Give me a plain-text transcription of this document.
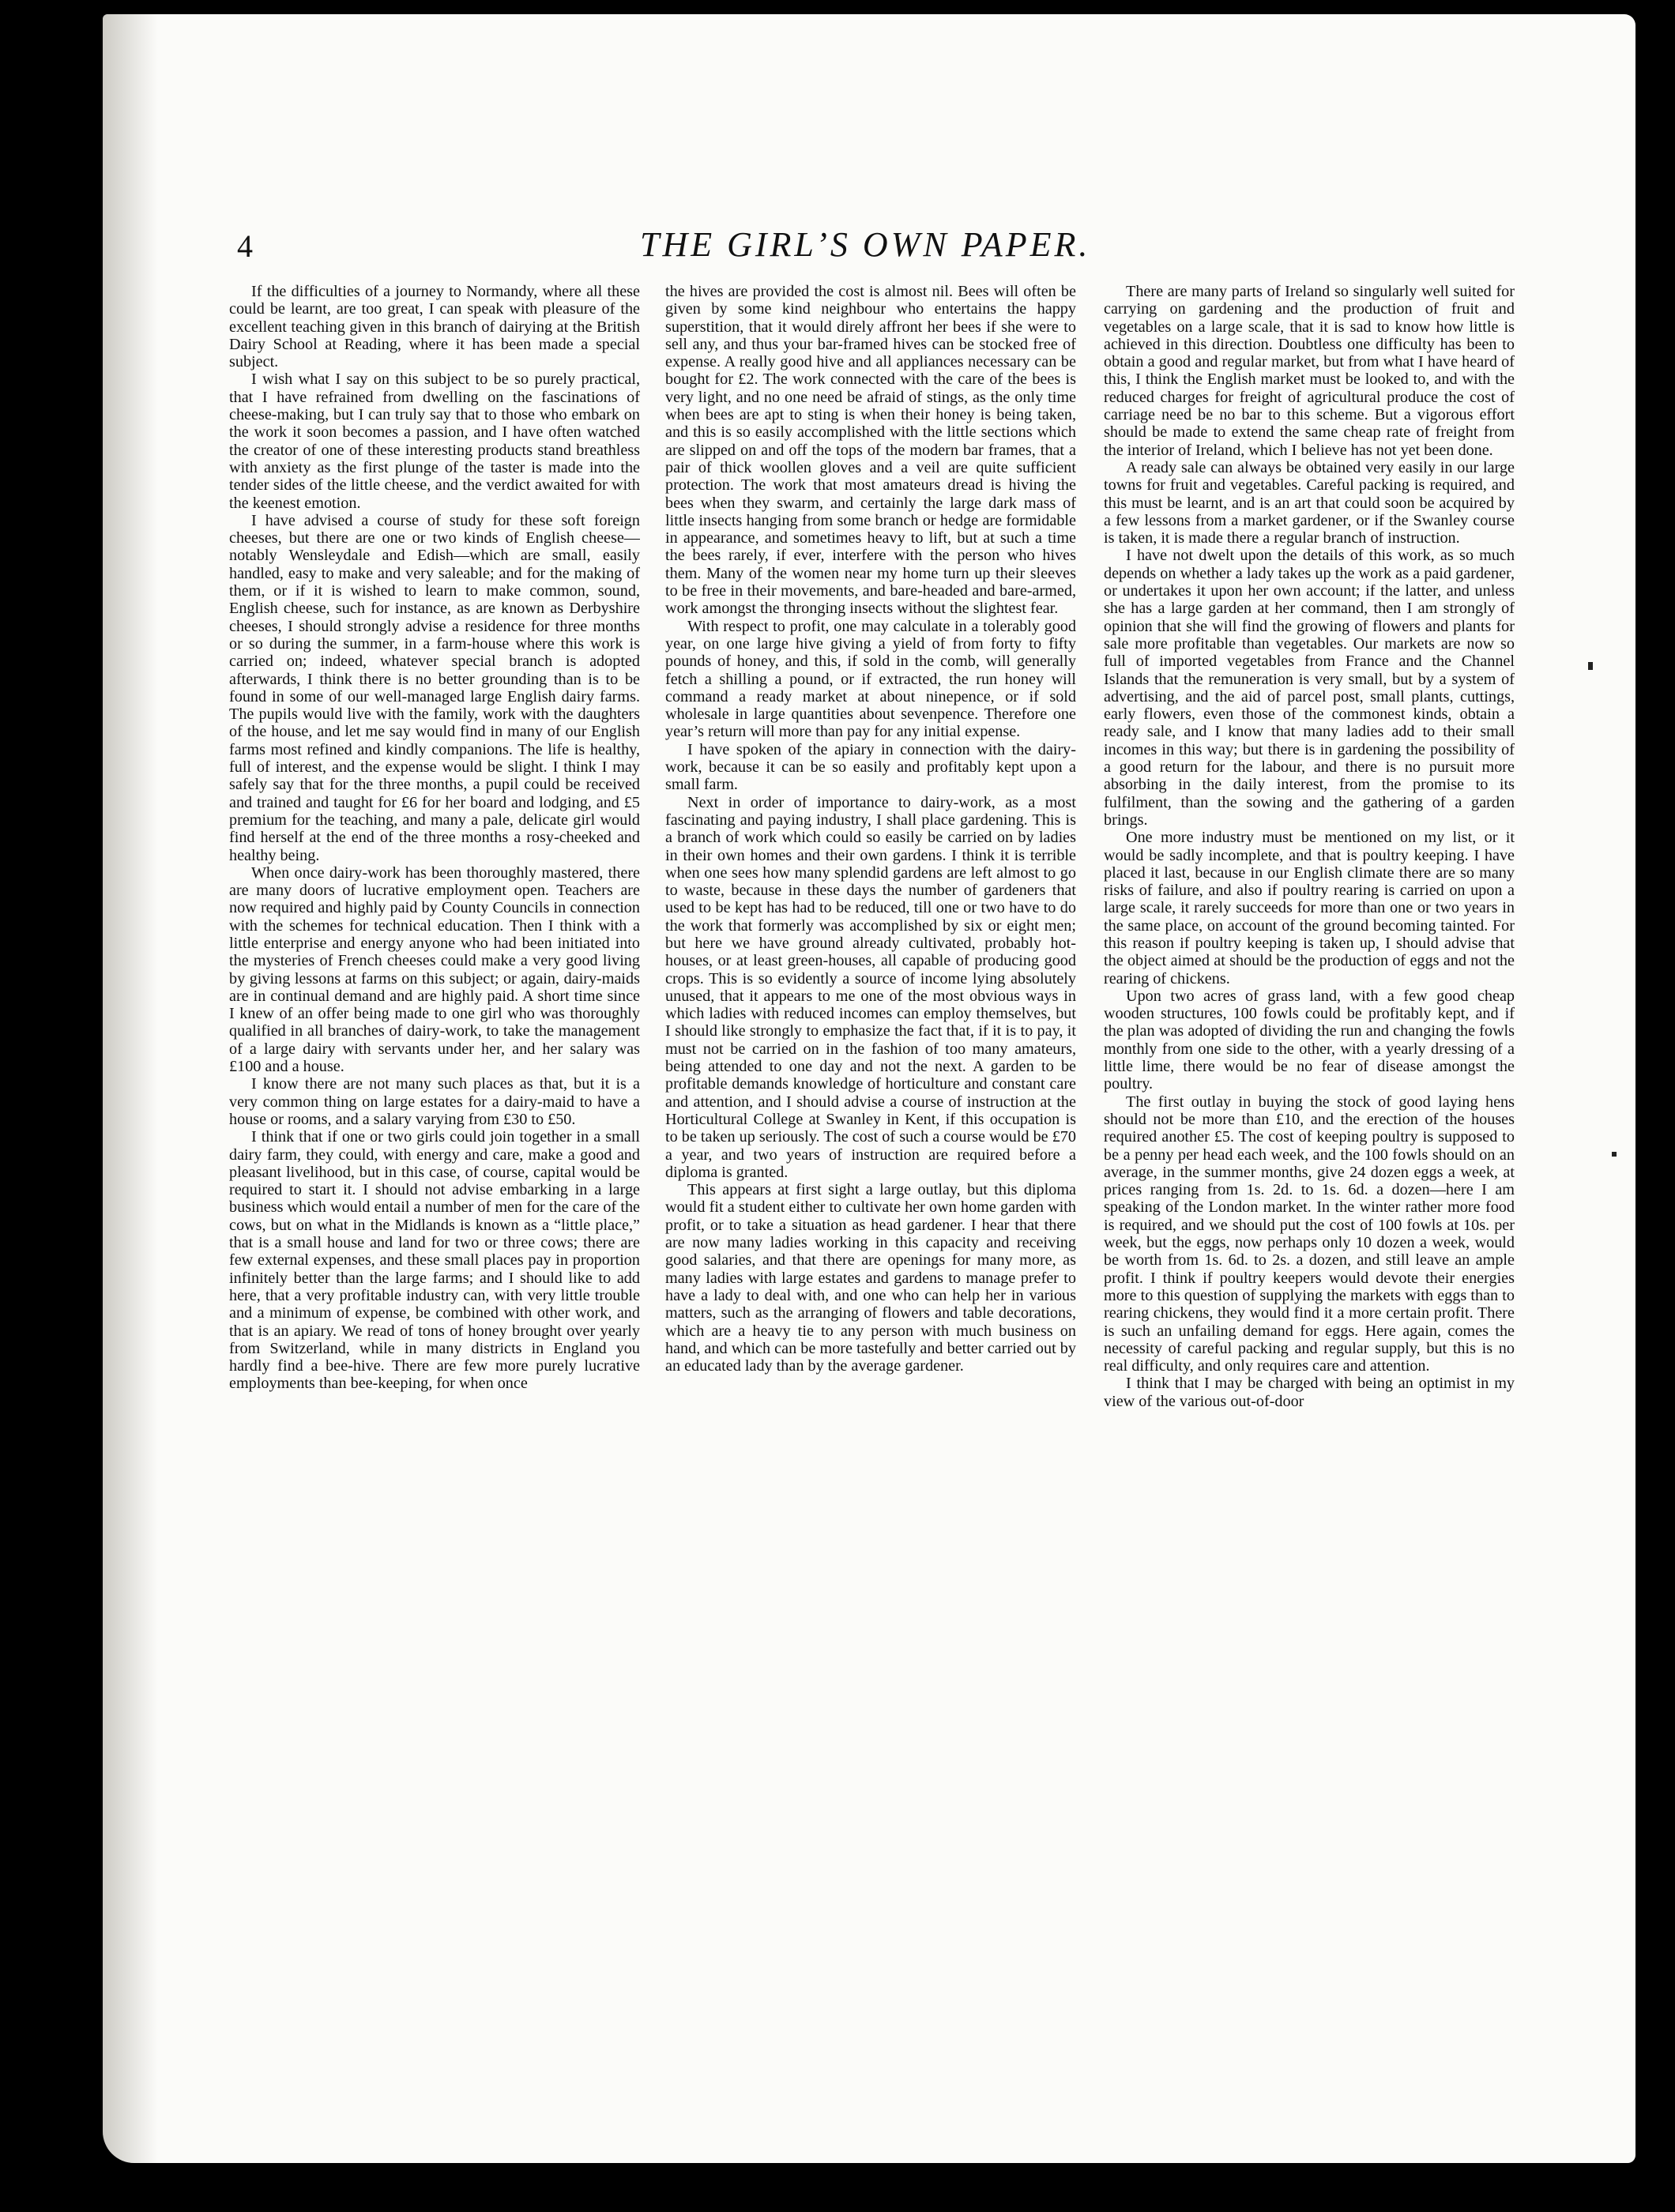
4	THE GIRL’S OWN PAPER.

If the difficulties of a journey to Normandy, where all these could be learnt, are too great, I can speak with pleasure of the excellent teaching given in this branch of dairying at the British Dairy School at Reading, where it has been made a special subject.

I wish what I say on this subject to be so purely practical, that I have refrained from dwelling on the fascinations of cheese-making, but I can truly say that to those who embark on the work it soon becomes a passion, and I have often watched the creator of one of these interesting products stand breathless with anxiety as the first plunge of the taster is made into the tender sides of the little cheese, and the verdict awaited for with the keenest emotion.

I have advised a course of study for these soft foreign cheeses, but there are one or two kinds of English cheese—notably Wensleydale and Edish—which are small, easily handled, easy to make and very saleable; and for the making of them, or if it is wished to learn to make common, sound, English cheese, such for instance, as are known as Derbyshire cheeses, I should strongly advise a residence for three months or so during the summer, in a farm-house where this work is carried on; indeed, whatever special branch is adopted afterwards, I think there is no better grounding than is to be found in some of our well-managed large English dairy farms. The pupils would live with the family, work with the daughters of the house, and let me say would find in many of our English farms most refined and kindly companions. The life is healthy, full of interest, and the expense would be slight. I think I may safely say that for the three months, a pupil could be received and trained and taught for £6 for her board and lodging, and £5 premium for the teaching, and many a pale, delicate girl would find herself at the end of the three months a rosy-cheeked and healthy being.

When once dairy-work has been thoroughly mastered, there are many doors of lucrative employment open. Teachers are now required and highly paid by County Councils in connection with the schemes for technical education. Then I think with a little enterprise and energy anyone who had been initiated into the mysteries of French cheeses could make a very good living by giving lessons at farms on this subject; or again, dairy-maids are in continual demand and are highly paid. A short time since I knew of an offer being made to one girl who was thoroughly qualified in all branches of dairy-work, to take the management of a large dairy with servants under her, and her salary was £100 and a house.

I know there are not many such places as that, but it is a very common thing on large estates for a dairy-maid to have a house or rooms, and a salary varying from £30 to £50.

I think that if one or two girls could join together in a small dairy farm, they could, with energy and care, make a good and pleasant livelihood, but in this case, of course, capital would be required to start it. I should not advise embarking in a large business which would entail a number of men for the care of the cows, but on what in the Midlands is known as a “little place,” that is a small house and land for two or three cows; there are few external expenses, and these small places pay in proportion infinitely better than the large farms; and I should like to add here, that a very profitable industry can, with very little trouble and a minimum of expense, be combined with other work, and that is an apiary. We read of tons of honey brought over yearly from Switzerland, while in many districts in England you hardly find a bee-hive. There are few more purely lucrative employments than bee-keeping, for when once

the hives are provided the cost is almost nil. Bees will often be given by some kind neighbour who entertains the happy superstition, that it would direly affront her bees if she were to sell any, and thus your bar-framed hives can be stocked free of expense. A really good hive and all appliances necessary can be bought for £2. The work connected with the care of the bees is very light, and no one need be afraid of stings, as the only time when bees are apt to sting is when their honey is being taken, and this is so easily accomplished with the little sections which are slipped on and off the tops of the modern bar frames, that a pair of thick woollen gloves and a veil are quite sufficient protection. The work that most amateurs dread is hiving the bees when they swarm, and certainly the large dark mass of little insects hanging from some branch or hedge are formidable in appearance, and sometimes heavy to lift, but at such a time the bees rarely, if ever, interfere with the person who hives them. Many of the women near my home turn up their sleeves to be free in their movements, and bare-headed and bare-armed, work amongst the thronging insects without the slightest fear.

With respect to profit, one may calculate in a tolerably good year, on one large hive giving a yield of from forty to fifty pounds of honey, and this, if sold in the comb, will generally fetch a shilling a pound, or if extracted, the run honey will command a ready market at about ninepence, or if sold wholesale in large quantities about sevenpence. Therefore one year’s return will more than pay for any initial expense.

I have spoken of the apiary in connection with the dairy-work, because it can be so easily and profitably kept upon a small farm.

Next in order of importance to dairy-work, as a most fascinating and paying industry, I shall place gardening. This is a branch of work which could so easily be carried on by ladies in their own homes and their own gardens. I think it is terrible when one sees how many splendid gardens are left almost to go to waste, because in these days the number of gardeners that used to be kept has had to be reduced, till one or two have to do the work that formerly was accomplished by six or eight men; but here we have ground already cultivated, probably hot-houses, or at least green-houses, all capable of producing good crops. This is so evidently a source of income lying absolutely unused, that it appears to me one of the most obvious ways in which ladies with reduced incomes can employ themselves, but I should like strongly to emphasize the fact that, if it is to pay, it must not be carried on in the fashion of too many amateurs, being attended to one day and not the next. A garden to be profitable demands knowledge of horticulture and constant care and attention, and I should advise a course of instruction at the Horticultural College at Swanley in Kent, if this occupation is to be taken up seriously. The cost of such a course would be £70 a year, and two years of instruction are required before a diploma is granted.

This appears at first sight a large outlay, but this diploma would fit a student either to cultivate her own home garden with profit, or to take a situation as head gardener. I hear that there are now many ladies working in this capacity and receiving good salaries, and that there are openings for many more, as many ladies with large estates and gardens to manage prefer to have a lady to deal with, and one who can help her in various matters, such as the arranging of flowers and table decorations, which are a heavy tie to any person with much business on hand, and which can be more tastefully and better carried out by an educated lady than by the average gardener.

There are many parts of Ireland so singularly well suited for carrying on gardening and the production of fruit and vegetables on a large scale, that it is sad to know how little is achieved in this direction. Doubtless one difficulty has been to obtain a good and regular market, but from what I have heard of this, I think the English market must be looked to, and with the reduced charges for freight of agricultural produce the cost of carriage need be no bar to this scheme. But a vigorous effort should be made to extend the same cheap rate of freight from the interior of Ireland, which I believe has not yet been done.

A ready sale can always be obtained very easily in our large towns for fruit and vegetables. Careful packing is required, and this must be learnt, and is an art that could soon be acquired by a few lessons from a market gardener, or if the Swanley course is taken, it is made there a regular branch of instruction.

I have not dwelt upon the details of this work, as so much depends on whether a lady takes up the work as a paid gardener, or undertakes it upon her own account; if the latter, and unless she has a large garden at her command, then I am strongly of opinion that she will find the growing of flowers and plants for sale more profitable than vegetables. Our markets are now so full of imported vegetables from France and the Channel Islands that the remuneration is very small, but by a system of advertising, and the aid of parcel post, small plants, cuttings, early flowers, even those of the commonest kinds, obtain a ready sale, and I know that many ladies add to their small incomes in this way; but there is in gardening the possibility of a good return for the labour, and there is no pursuit more absorbing in the daily interest, from the promise to its fulfilment, than the sowing and the gathering of a garden brings.

One more industry must be mentioned on my list, or it would be sadly incomplete, and that is poultry keeping. I have placed it last, because in our English climate there are so many risks of failure, and also if poultry rearing is carried on upon a large scale, it rarely succeeds for more than one or two years in the same place, on account of the ground becoming tainted. For this reason if poultry keeping is taken up, I should advise that the object aimed at should be the production of eggs and not the rearing of chickens.

Upon two acres of grass land, with a few good cheap wooden structures, 100 fowls could be profitably kept, and if the plan was adopted of dividing the run and changing the fowls monthly from one side to the other, with a yearly dressing of a little lime, there would be no fear of disease amongst the poultry.

The first outlay in buying the stock of good laying hens should not be more than £10, and the erection of the houses required another £5. The cost of keeping poultry is supposed to be a penny per head each week, and the 100 fowls should on an average, in the summer months, give 24 dozen eggs a week, at prices ranging from 1s. 2d. to 1s. 6d. a dozen—here I am speaking of the London market. In the winter rather more food is required, and we should put the cost of 100 fowls at 10s. per week, but the eggs, now perhaps only 10 dozen a week, would be worth from 1s. 6d. to 2s. a dozen, and still leave an ample profit. I think if poultry keepers would devote their energies more to this question of supplying the markets with eggs than to rearing chickens, they would find it a more certain profit. There is such an unfailing demand for eggs. Here again, comes the necessity of careful packing and regular supply, but this is no real difficulty, and only requires care and attention.

I think that I may be charged with being an optimist in my view of the various out-of-door
